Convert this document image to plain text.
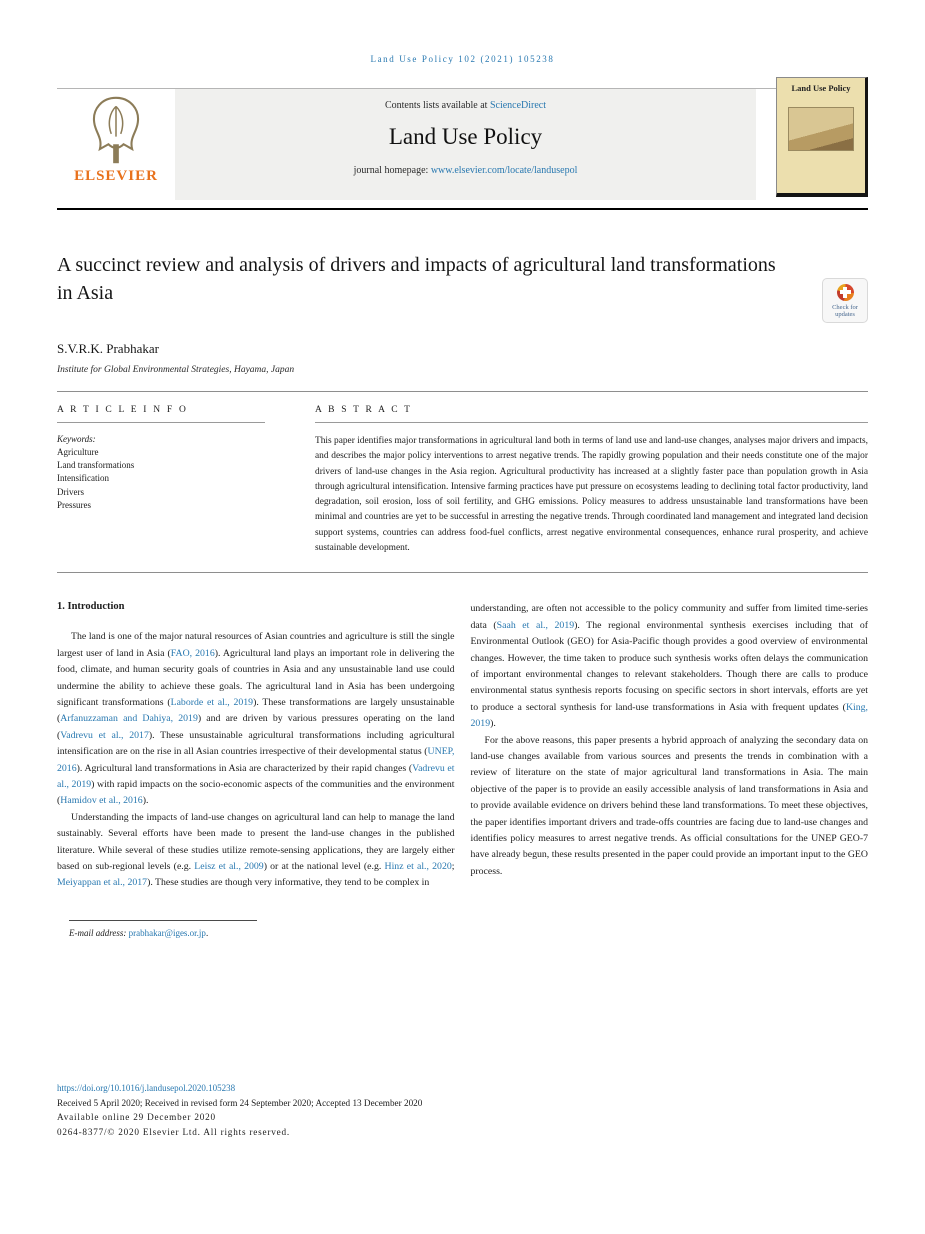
Land Use Policy 102 (2021) 105238
ELSEVIER
Contents lists available at ScienceDirect
Land Use Policy
journal homepage: www.elsevier.com/locate/landusepol
Land Use Policy
A succinct review and analysis of drivers and impacts of agricultural land transformations in Asia
Check for updates
S.V.R.K. Prabhakar
Institute for Global Environmental Strategies, Hayama, Japan
A R T I C L E I N F O
Keywords:
Agriculture
Land transformations
Intensification
Drivers
Pressures
A B S T R A C T
This paper identifies major transformations in agricultural land both in terms of land use and land-use changes, analyses major drivers and impacts, and describes the major policy interventions to arrest negative trends. The rapidly growing population and their needs constitute one of the major drivers of land-use changes in the Asia region. Agricultural productivity has increased at a slightly faster pace than population growth in Asia through agricultural intensification. Intensive farming practices have put pressure on ecosystems leading to declining total factor productivity, land degradation, soil erosion, loss of soil fertility, and GHG emissions. Policy measures to address unsustainable land transformations have been minimal and countries are yet to be successful in arresting the negative trends. Through coordinated land management and integrated land decision support systems, countries can address food-fuel conflicts, arrest negative environmental consequences, enhance rural prosperity, and achieve sustainable development.
1. Introduction

The land is one of the major natural resources of Asian countries and agriculture is still the single largest user of land in Asia (FAO, 2016). Agricultural land plays an important role in delivering the food, climate, and human security goals of countries in Asia and any unsustainable land use could undermine the ability to achieve these goals. The agricultural land in Asia has been undergoing significant transformations (Laborde et al., 2019). These transformations are largely unsustainable (Arfanuzzaman and Dahiya, 2019) and are driven by various pressures operating on the land (Vadrevu et al., 2017). These unsustainable agricultural transformations including agricultural intensification are on the rise in all Asian countries irrespective of their developmental status (UNEP, 2016). Agricultural land transformations in Asia are characterized by their rapid changes (Vadrevu et al., 2019) with rapid impacts on the socio-economic aspects of the communities and the environment (Hamidov et al., 2016).

Understanding the impacts of land-use changes on agricultural land can help to manage the land sustainably. Several efforts have been made to present the land-use changes in the published literature. While several of these studies utilize remote-sensing applications, they are largely either based on sub-regional levels (e.g. Leisz et al., 2009) or at the national level (e.g. Hinz et al., 2020; Meiyappan et al., 2017). These studies are though very informative, they tend to be complex in

understanding, are often not accessible to the policy community and suffer from limited time-series data (Saah et al., 2019). The regional environmental synthesis exercises including that of Environmental Outlook (GEO) for Asia-Pacific though provides a good overview of environmental changes. However, the time taken to produce such synthesis works often delays the communication of important environmental changes to relevant stakeholders. Though there are calls to produce environmental status synthesis reports focusing on specific sectors in short intervals, efforts are yet to produce a sectoral synthesis for land-use transformations in Asia with frequent updates (King, 2019).

For the above reasons, this paper presents a hybrid approach of analyzing the secondary data on land-use changes available from various sources and presents the trends in combination with a review of literature on the state of major agricultural land transformations in Asia. The main objective of the paper is to provide an easily accessible analysis of land transformations in Asia and to provide available evidence on drivers behind these land transformations. To meet these objectives, the paper identifies important drivers and trade-offs countries are facing due to land-use changes and identifies policy measures to arrest negative trends. As official consultations for the UNEP GEO-7 have already begun, these results presented in the paper could provide an important input to the GEO process.

E-mail address: prabhakar@iges.or.jp.
https://doi.org/10.1016/j.landusepol.2020.105238
Received 5 April 2020; Received in revised form 24 September 2020; Accepted 13 December 2020
Available online 29 December 2020
0264-8377/© 2020 Elsevier Ltd. All rights reserved.
